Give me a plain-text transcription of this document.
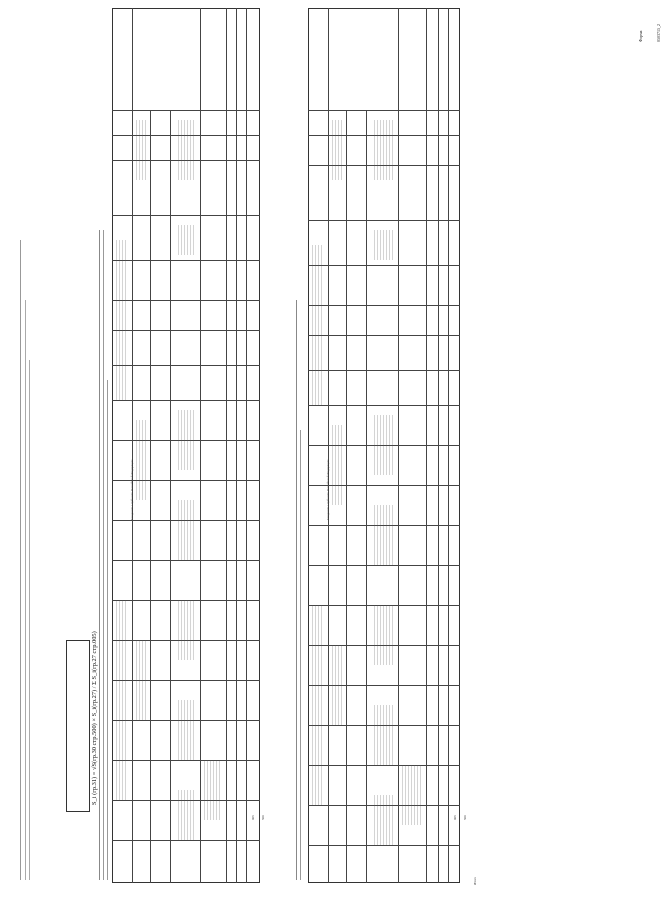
Форма 0503715_2
S_i (гр.31) = √S(гр.30 стр.500) × S_i(гр.27) / Σ S_i(гр.27 стр.005)
Сведения о субъекте Российской Федерации
005	500
Сведения о субъекте Российской Федерации
005	500
Итого
